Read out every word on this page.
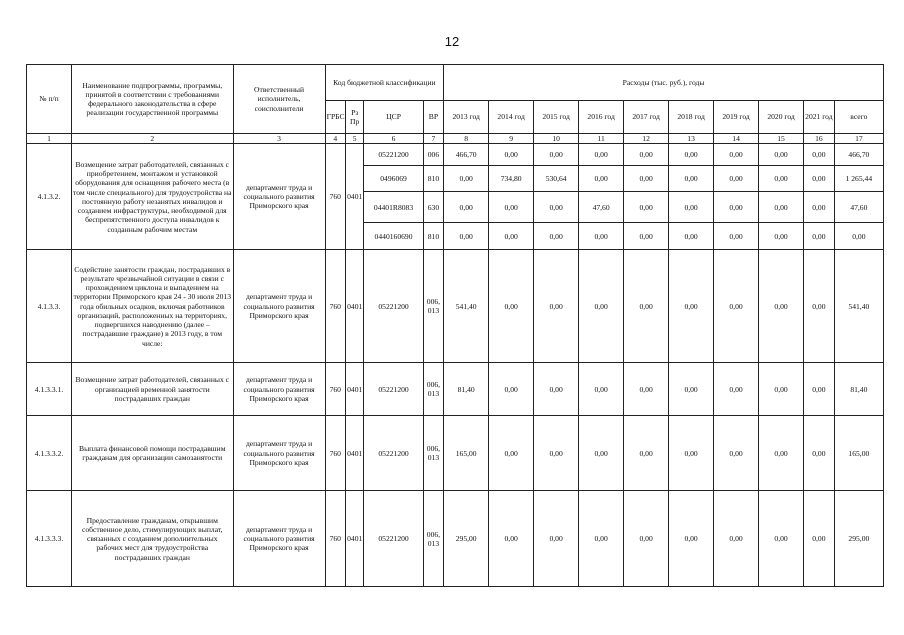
12
№ п/п	Наименование подпрограммы, программы, принятой в соответствии с требованиями федерального законодательства в сфере реализации государственной программы	Ответственный исполнитель, соисполнители	Код бюджетной классификации				Расходы (тыс. руб.), годы									
			ГРБС	Рз Пр	ЦСР	ВР	2013 год	2014 год	2015 год	2016 год	2017 год	2018 год	2019 год	2020 год	2021 год	всего
1	2	3	4	5	6	7	8	9	10	11	12	13	14	15	16	17
4.1.3.2.	Возмещение затрат работодателей, связанных с приобретением, монтажом и установкой оборудования для оснащения рабочего места (в том числе специального) для трудоустройства на постоянную работу незанятых инвалидов и созданием инфраструктуры, необходимой для беспрепятственного доступа инвалидов к созданным рабочим местам	департамент труда и социального развития Приморского края	760	0401	05221200	006	466,70	0,00	0,00	0,00	0,00	0,00	0,00	0,00	0,00	466,70
					0496069	810	0,00	734,80	530,64	0,00	0,00	0,00	0,00	0,00	0,00	1 265,44
					04401R8083	630	0,00	0,00	0,00	47,60	0,00	0,00	0,00	0,00	0,00	47,60
					0440160690	810	0,00	0,00	0,00	0,00	0,00	0,00	0,00	0,00	0,00	0,00
4.1.3.3.	Содействие занятости граждан, пострадавших в результате чрезвычайной ситуации в связи с прохождением циклона и выпадением на территории Приморского края 24 - 30 июля 2013 года обильных осадков, включая работников организаций, расположенных на территориях, подвергшихся наводнению (далее – пострадавшие граждане) в 2013 году, в том числе:	департамент труда и социального развития Приморского края	760	0401	05221200	006, 013	541,40	0,00	0,00	0,00	0,00	0,00	0,00	0,00	0,00	541,40
4.1.3.3.1.	Возмещение затрат работодателей, связанных с организацией временной занятости пострадавших граждан	департамент труда и социального развития Приморского края	760	0401	05221200	006, 013	81,40	0,00	0,00	0,00	0,00	0,00	0,00	0,00	0,00	81,40
4.1.3.3.2.	Выплата финансовой помощи пострадавшим гражданам для организации самозанятости	департамент труда и социального развития Приморского края	760	0401	05221200	006, 013	165,00	0,00	0,00	0,00	0,00	0,00	0,00	0,00	0,00	165,00
4.1.3.3.3.	Предоставление гражданам, открывшим собственное дело, стимулирующих выплат, связанных с созданием дополнительных рабочих мест для трудоустройства пострадавших граждан	департамент труда и социального развития Приморского края	760	0401	05221200	006, 013	295,00	0,00	0,00	0,00	0,00	0,00	0,00	0,00	0,00	295,00
